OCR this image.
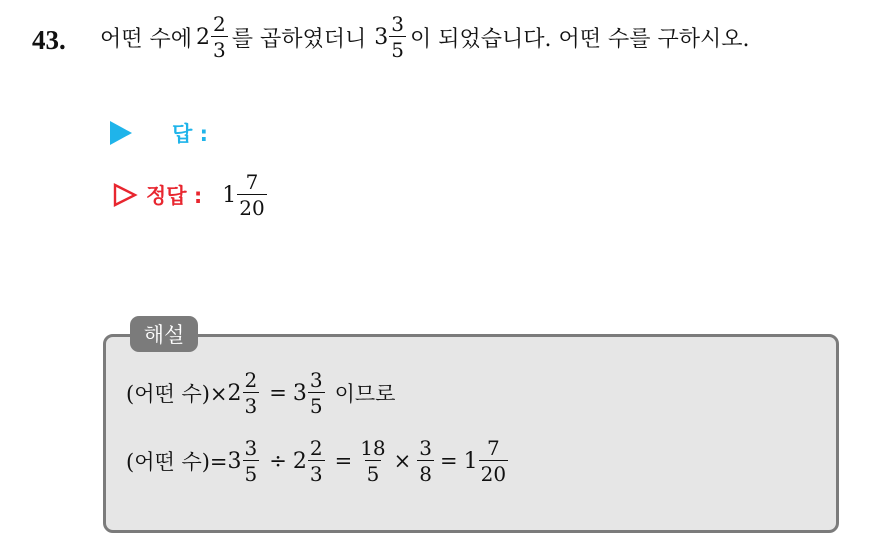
43. 어떤 수에 $2 \frac{2}{3}$ 를 곱하였더니 $3 \frac{3}{5}$ 이 되었습니다. 어떤 수를 구하시오.
답 :
정답 : $1 \frac{7}{20}$
해설
(어떤 수)× $2 \frac{2}{3} = 3 \frac{3}{5}$ 이므로
(어떤 수)= $3 \frac{3}{5} \div 2 \frac{2}{3} = \frac{18}{5} \times \frac{3}{8} = 1 \frac{7}{20}$
